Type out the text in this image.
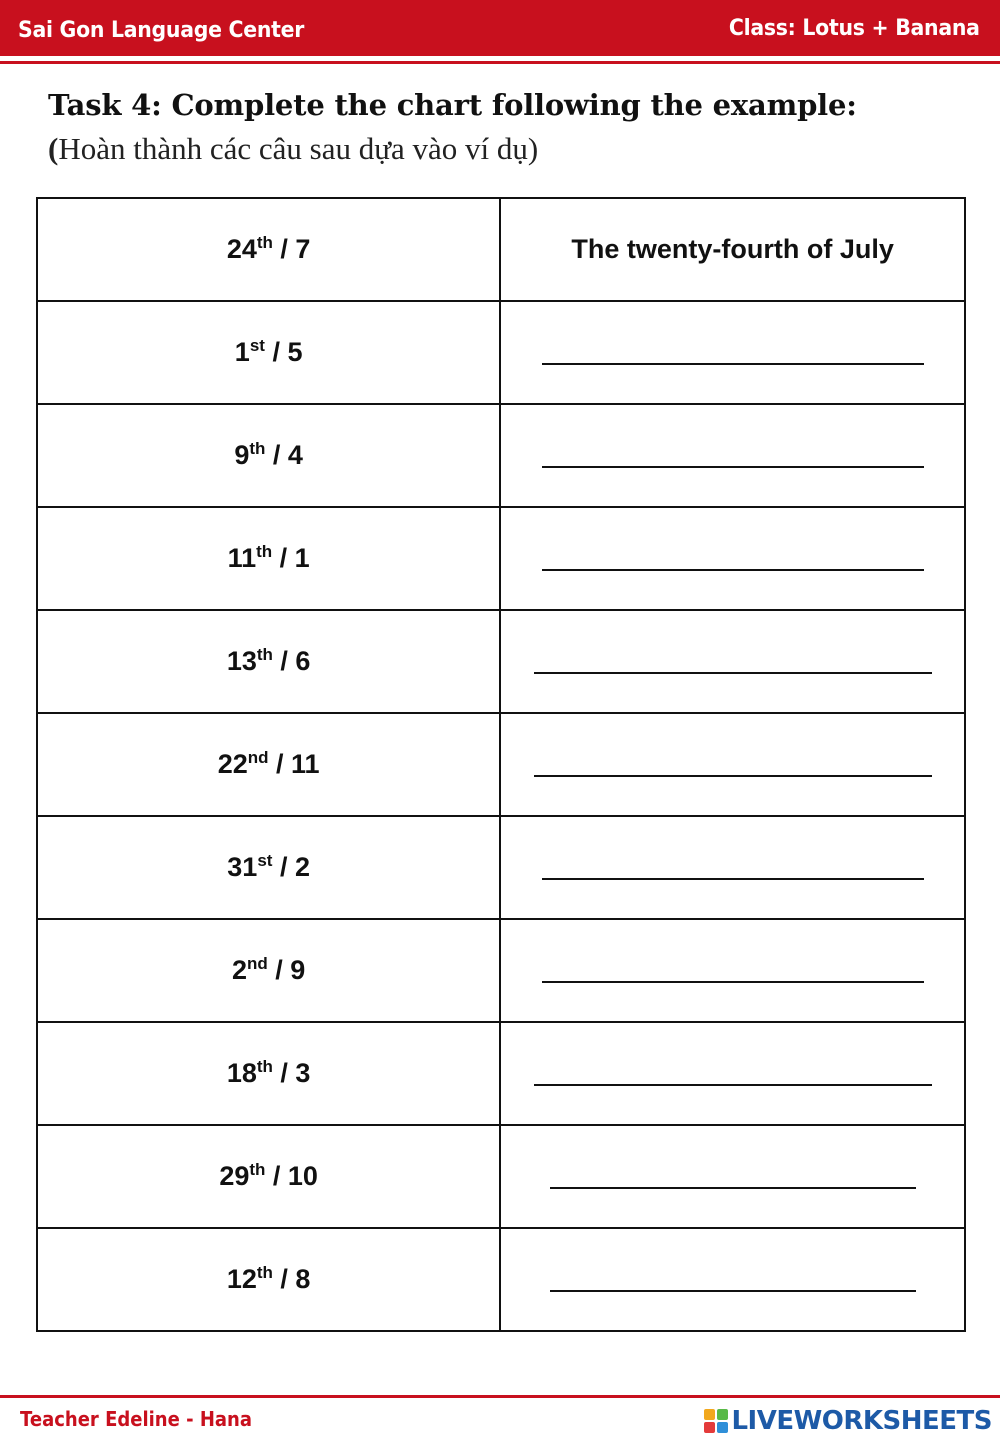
Sai Gon Language Center	Class: Lotus + Banana
Task 4: Complete the chart following the example:
(Hoàn thành các câu sau dựa vào ví dụ)
24th / 7	The twenty-fourth of July
1st / 5	
9th / 4	
11th / 1	
13th / 6	
22nd / 11	
31st / 2	
2nd / 9	
18th / 3	
29th / 10	
12th / 8	
Teacher Edeline - Hana	LIVEWORKSHEETS
